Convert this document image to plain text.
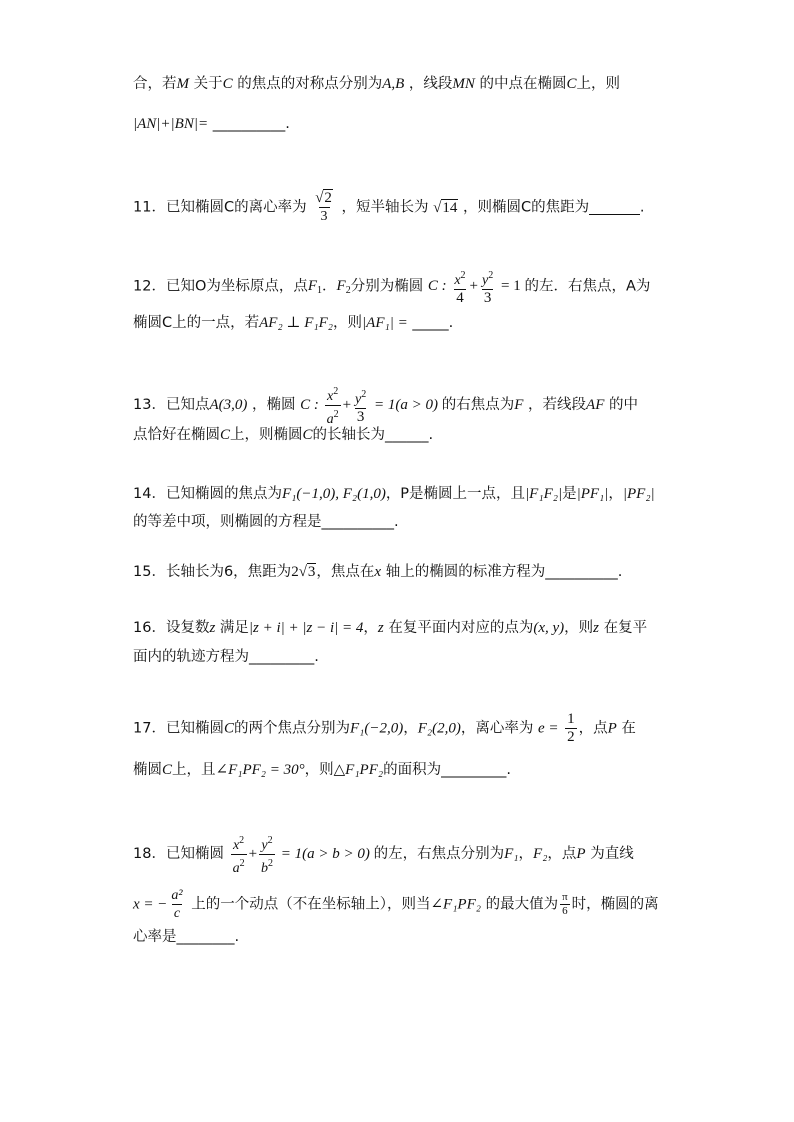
合，若M 关于C 的焦点的对称点分别为A,B ，线段MN 的中点在椭圆C上，则
|AN|+|BN|= __________.
11．已知椭圆C的离心率为 $\frac{√2}{3}$ ，短半轴长为 √14 ，则椭圆C的焦距为_______.
12．已知O为坐标原点，点$F_1$．$F_2$分别为椭圆 C : $\frac{x^2}{4} + \frac{y^2}{3} = 1$ 的左．右焦点，A为
椭圆C上的一点，若AF₂ ⊥ F₁F₂，则|AF₁| = _____.
13．已知点A(3,0) ，椭圆 C : $\frac{x^2}{a^2} + \frac{y^2}{3} = 1(a > 0)$ 的右焦点为F ，若线段AF 的中
点恰好在椭圆C上，则椭圆C的长轴长为______.
14．已知椭圆的焦点为F₁(−1,0), F₂(1,0)，P是椭圆上一点，且|F₁F₂|是|PF₁|，|PF₂|
的等差中项，则椭圆的方程是__________.
15．长轴长为6，焦距为2√3，焦点在x 轴上的椭圆的标准方程为__________.
16．设复数z 满足|z + i| + |z − i| = 4，z 在复平面内对应的点为(x, y)，则z 在复平
面内的轨迹方程为_________.
17．已知椭圆C的两个焦点分别为F₁(−2,0)，F₂(2,0)，离心率为 $e = \frac{1}{2}$ ，点P 在
椭圆C上，且∠F₁PF₂ = 30°，则△F₁PF₂的面积为_________.
18．已知椭圆 $\frac{x^2}{a^2} + \frac{y^2}{b^2} = 1(a > b > 0)$ 的左，右焦点分别为F₁，F₂，点P 为直线
x = − $\frac{\text{a²}}{c}$ 上的一个动点（不在坐标轴上），则当∠F₁PF₂ 的最大值为 $\frac{\pi}{6}$ 时，椭圆的离
心率是________.
